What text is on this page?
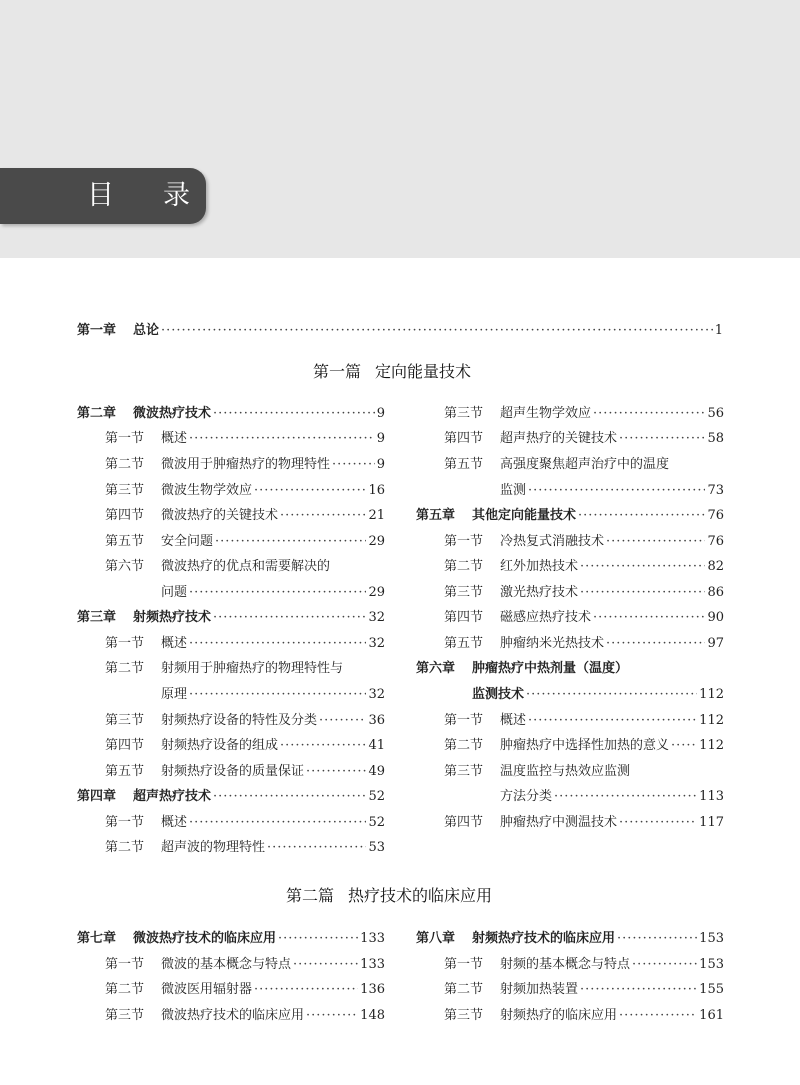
目 录
第一章	总论 ·····	1
第一篇 定向能量技术
第二章	微波热疗技术 ·····	9
第一节	概述 ·····	9
第二节	微波用于肿瘤热疗的物理特性 ·····	9
第三节	微波生物学效应 ·····	16
第四节	微波热疗的关键技术 ·····	21
第五节	安全问题 ·····	29
第六节	微波热疗的优点和需要解决的
问题 ·····	29
第三章	射频热疗技术 ·····	32
第一节	概述 ·····	32
第二节	射频用于肿瘤热疗的物理特性与
原理 ·····	32
第三节	射频热疗设备的特性及分类 ·····	36
第四节	射频热疗设备的组成 ·····	41
第五节	射频热疗设备的质量保证 ·····	49
第四章	超声热疗技术 ·····	52
第一节	概述 ·····	52
第二节	超声波的物理特性 ·····	53
第三节	超声生物学效应 ·····	56
第四节	超声热疗的关键技术 ·····	58
第五节	高强度聚焦超声治疗中的温度
监测 ·····	73
第五章	其他定向能量技术 ·····	76
第一节	冷热复式消融技术 ·····	76
第二节	红外加热技术 ·····	82
第三节	激光热疗技术 ·····	86
第四节	磁感应热疗技术 ·····	90
第五节	肿瘤纳米光热技术 ·····	97
第六章	肿瘤热疗中热剂量（温度）
监测技术 ·····	112
第一节	概述 ·····	112
第二节	肿瘤热疗中选择性加热的意义 ····· 112
第三节	温度监控与热效应监测
方法分类 ·····	113
第四节	肿瘤热疗中测温技术 ·····	117
第二篇 热疗技术的临床应用
第七章	微波热疗技术的临床应用 ·····	133
第一节	微波的基本概念与特点 ·····	133
第二节	微波医用辐射器 ·····	136
第三节	微波热疗技术的临床应用 ·····	148
第八章	射频热疗技术的临床应用 ·····	153
第一节	射频的基本概念与特点 ·····	153
第二节	射频加热装置 ·····	155
第三节	射频热疗的临床应用 ·····	161
